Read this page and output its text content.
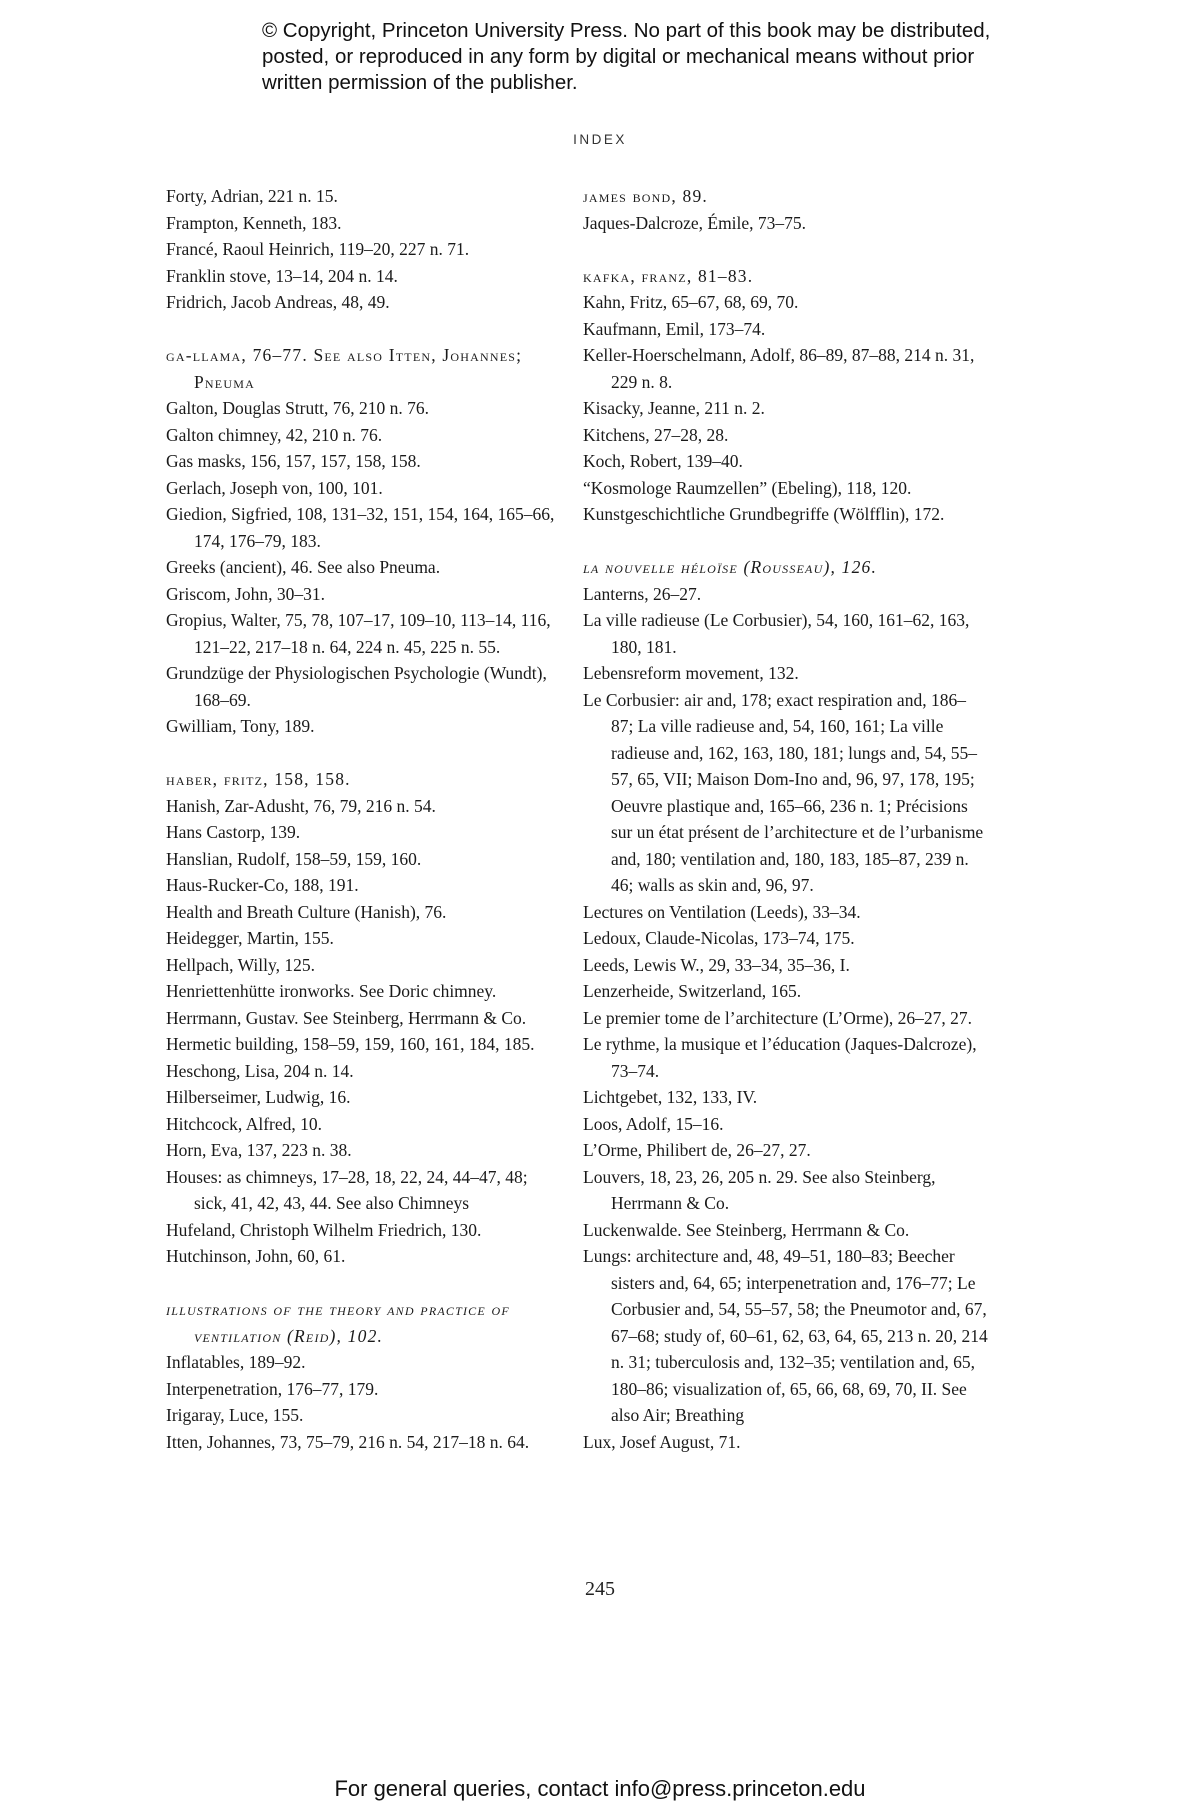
© Copyright, Princeton University Press. No part of this book may be distributed, posted, or reproduced in any form by digital or mechanical means without prior written permission of the publisher.
INDEX

Forty, Adrian, 221 n. 15.

Frampton, Kenneth, 183.

Francé, Raoul Heinrich, 119–20, 227 n. 71.

Franklin stove, 13–14, 204 n. 14.

Fridrich, Jacob Andreas, 48, 49.

ga-llama, 76–77. See also Itten, Johannes; Pneuma

Galton, Douglas Strutt, 76, 210 n. 76.

Galton chimney, 42, 210 n. 76.

Gas masks, 156, 157, 157, 158, 158.

Gerlach, Joseph von, 100, 101.

Giedion, Sigfried, 108, 131–32, 151, 154, 164, 165–66, 174, 176–79, 183.

Greeks (ancient), 46. See also Pneuma.

Griscom, John, 30–31.

Gropius, Walter, 75, 78, 107–17, 109–10, 113–14, 116, 121–22, 217–18 n. 64, 224 n. 45, 225 n. 55.

Grundzüge der Physiologischen Psychologie (Wundt), 168–69.

Gwilliam, Tony, 189.

haber, fritz, 158, 158.

Hanish, Zar-Adusht, 76, 79, 216 n. 54.

Hans Castorp, 139.

Hanslian, Rudolf, 158–59, 159, 160.

Haus-Rucker-Co, 188, 191.

Health and Breath Culture (Hanish), 76.

Heidegger, Martin, 155.

Hellpach, Willy, 125.

Henriettenhütte ironworks. See Doric chimney.

Herrmann, Gustav. See Steinberg, Herrmann & Co.

Hermetic building, 158–59, 159, 160, 161, 184, 185.

Heschong, Lisa, 204 n. 14.

Hilberseimer, Ludwig, 16.

Hitchcock, Alfred, 10.

Horn, Eva, 137, 223 n. 38.

Houses: as chimneys, 17–28, 18, 22, 24, 44–47, 48; sick, 41, 42, 43, 44. See also Chimneys

Hufeland, Christoph Wilhelm Friedrich, 130.

Hutchinson, John, 60, 61.

illustrations of the theory and practice of ventilation (Reid), 102.

Inflatables, 189–92.

Interpenetration, 176–77, 179.

Irigaray, Luce, 155.

Itten, Johannes, 73, 75–79, 216 n. 54, 217–18 n. 64.

james bond, 89.

Jaques-Dalcroze, Émile, 73–75.

kafka, franz, 81–83.

Kahn, Fritz, 65–67, 68, 69, 70.

Kaufmann, Emil, 173–74.

Keller-Hoerschelmann, Adolf, 86–89, 87–88, 214 n. 31, 229 n. 8.

Kisacky, Jeanne, 211 n. 2.

Kitchens, 27–28, 28.

Koch, Robert, 139–40.

“Kosmologe Raumzellen” (Ebeling), 118, 120.

Kunstgeschichtliche Grundbegriffe (Wölfflin), 172.

la nouvelle héloïse (Rousseau), 126.

Lanterns, 26–27.

La ville radieuse (Le Corbusier), 54, 160, 161–62, 163, 180, 181.

Lebensreform movement, 132.

Le Corbusier: air and, 178; exact respiration and, 186–87; La ville radieuse and, 54, 160, 161; La ville radieuse and, 162, 163, 180, 181; lungs and, 54, 55–57, 65, VII; Maison Dom-Ino and, 96, 97, 178, 195; Oeuvre plastique and, 165–66, 236 n. 1; Précisions sur un état présent de l’architecture et de l’urbanisme and, 180; ventilation and, 180, 183, 185–87, 239 n. 46; walls as skin and, 96, 97.

Lectures on Ventilation (Leeds), 33–34.

Ledoux, Claude-Nicolas, 173–74, 175.

Leeds, Lewis W., 29, 33–34, 35–36, I.

Lenzerheide, Switzerland, 165.

Le premier tome de l’architecture (L’Orme), 26–27, 27.

Le rythme, la musique et l’éducation (Jaques-Dalcroze), 73–74.

Lichtgebet, 132, 133, IV.

Loos, Adolf, 15–16.

L’Orme, Philibert de, 26–27, 27.

Louvers, 18, 23, 26, 205 n. 29. See also Steinberg, Herrmann & Co.

Luckenwalde. See Steinberg, Herrmann & Co.

Lungs: architecture and, 48, 49–51, 180–83; Beecher sisters and, 64, 65; interpenetration and, 176–77; Le Corbusier and, 54, 55–57, 58; the Pneumotor and, 67, 67–68; study of, 60–61, 62, 63, 64, 65, 213 n. 20, 214 n. 31; tuberculosis and, 132–35; ventilation and, 65, 180–86; visualization of, 65, 66, 68, 69, 70, II. See also Air; Breathing

Lux, Josef August, 71.

245
For general queries, contact info@press.princeton.edu
